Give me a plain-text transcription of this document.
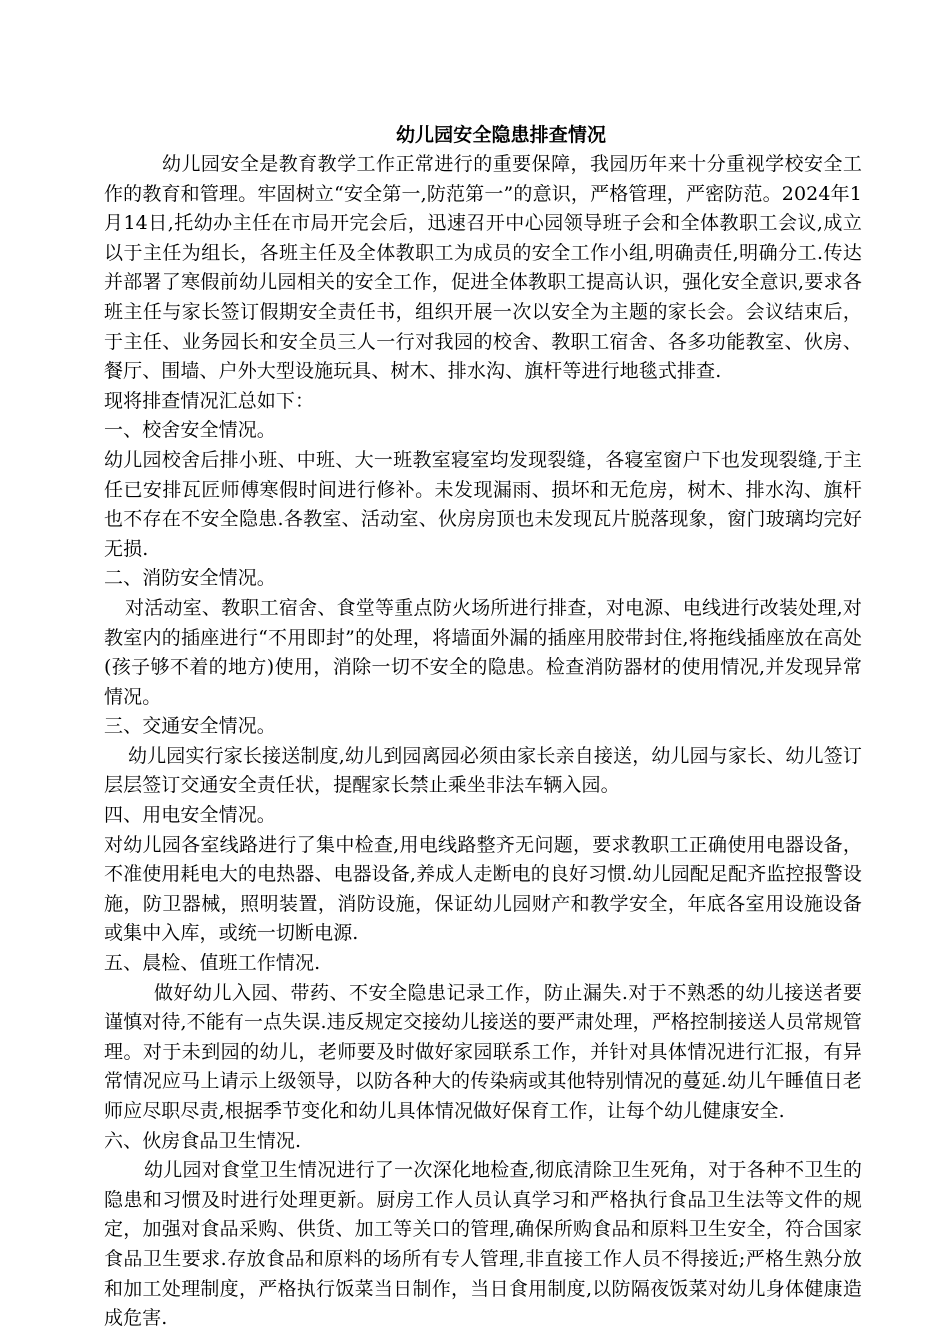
幼儿园安全隐患排查情况

幼儿园安全是教育教学工作正常进行的重要保障，我园历年来十分重视学校安全工作的教育和管理。牢固树立“安全第一,防范第一”的意识，严格管理，严密防范。2024年1月14日,托幼办主任在市局开完会后，迅速召开中心园领导班子会和全体教职工会议,成立以于主任为组长，各班主任及全体教职工为成员的安全工作小组,明确责任,明确分工.传达并部署了寒假前幼儿园相关的安全工作，促进全体教职工提高认识，强化安全意识,要求各班主任与家长签订假期安全责任书，组织开展一次以安全为主题的家长会。会议结束后，于主任、业务园长和安全员三人一行对我园的校舍、教职工宿舍、各多功能教室、伙房、餐厅、围墙、户外大型设施玩具、树木、排水沟、旗杆等进行地毯式排查.

现将排查情况汇总如下：

一、校舍安全情况。

幼儿园校舍后排小班、中班、大一班教室寝室均发现裂缝，各寝室窗户下也发现裂缝,于主任已安排瓦匠师傅寒假时间进行修补。未发现漏雨、损坏和无危房，树木、排水沟、旗杆也不存在不安全隐患.各教室、活动室、伙房房顶也未发现瓦片脱落现象，窗门玻璃均完好无损.

二、消防安全情况。

对活动室、教职工宿舍、食堂等重点防火场所进行排查，对电源、电线进行改装处理,对教室内的插座进行“不用即封”的处理，将墙面外漏的插座用胶带封住,将拖线插座放在高处(孩子够不着的地方)使用，消除一切不安全的隐患。检查消防器材的使用情况,并发现异常情况。

三、交通安全情况。

幼儿园实行家长接送制度,幼儿到园离园必须由家长亲自接送，幼儿园与家长、幼儿签订层层签订交通安全责任状，提醒家长禁止乘坐非法车辆入园。

四、用电安全情况。

对幼儿园各室线路进行了集中检查,用电线路整齐无问题，要求教职工正确使用电器设备，不准使用耗电大的电热器、电器设备,养成人走断电的良好习惯.幼儿园配足配齐监控报警设施，防卫器械，照明装置，消防设施，保证幼儿园财产和教学安全，年底各室用设施设备或集中入库，或统一切断电源.

五、晨检、值班工作情况.

做好幼儿入园、带药、不安全隐患记录工作，防止漏失.对于不熟悉的幼儿接送者要谨慎对待,不能有一点失误.违反规定交接幼儿接送的要严肃处理，严格控制接送人员常规管理。对于未到园的幼儿，老师要及时做好家园联系工作，并针对具体情况进行汇报，有异常情况应马上请示上级领导，以防各种大的传染病或其他特别情况的蔓延.幼儿午睡值日老师应尽职尽责,根据季节变化和幼儿具体情况做好保育工作，让每个幼儿健康安全.

六、伙房食品卫生情况.

幼儿园对食堂卫生情况进行了一次深化地检查,彻底清除卫生死角，对于各种不卫生的隐患和习惯及时进行处理更新。厨房工作人员认真学习和严格执行食品卫生法等文件的规定，加强对食品采购、供货、加工等关口的管理,确保所购食品和原料卫生安全，符合国家食品卫生要求.存放食品和原料的场所有专人管理,非直接工作人员不得接近;严格生熟分放和加工处理制度，严格执行饭菜当日制作，当日食用制度,以防隔夜饭菜对幼儿身体健康造成危害.
